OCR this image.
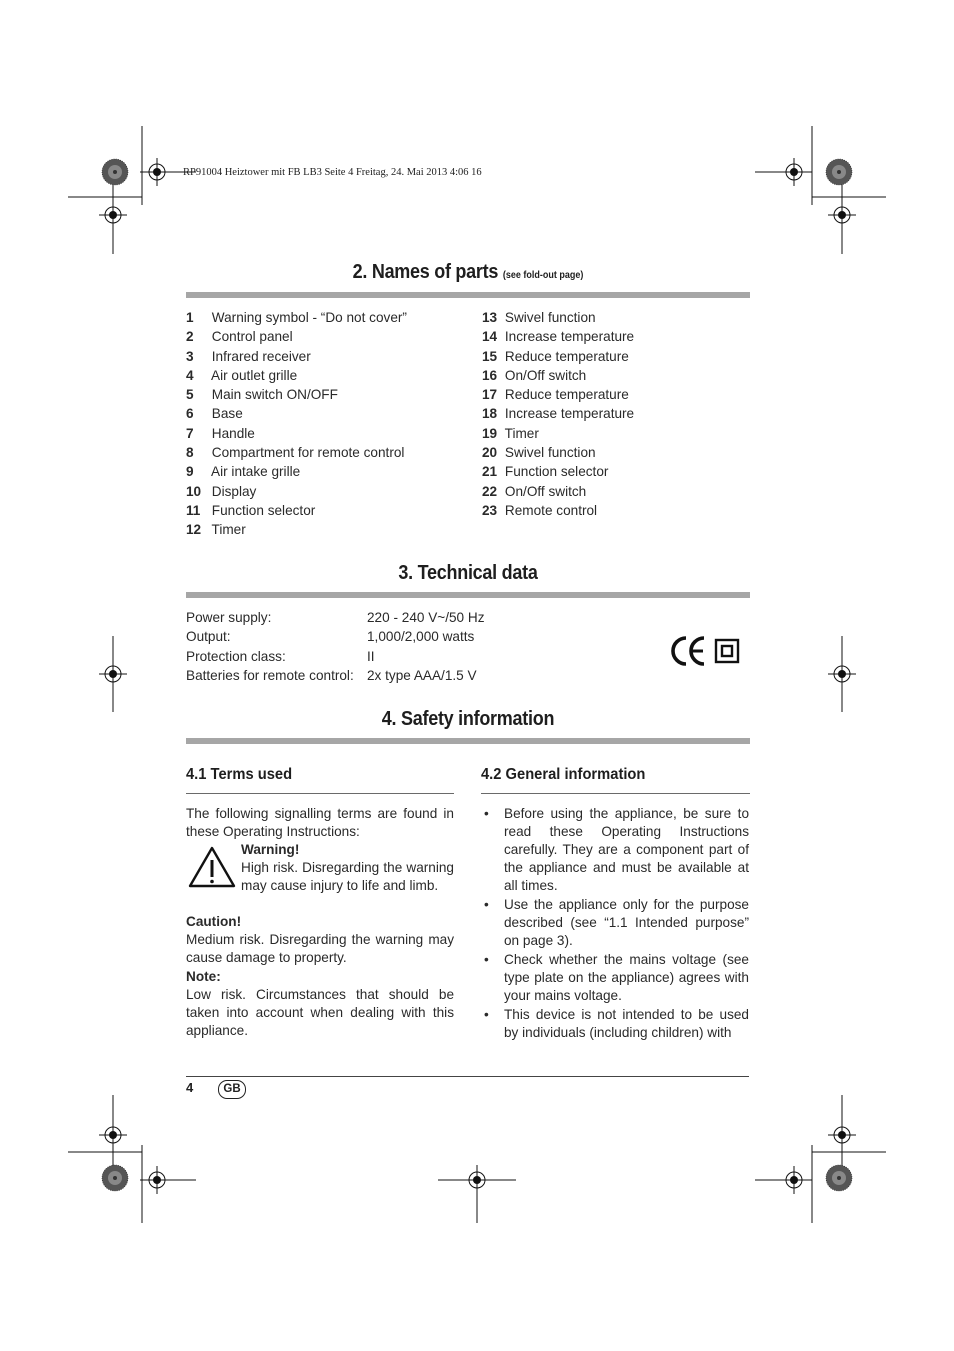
RP91004 Heiztower mit FB LB3 Seite 4 Freitag, 24. Mai 2013 4:06 16
2. Names of parts (see fold-out page)
1 Warning symbol - “Do not cover”
2 Control panel
3 Infrared receiver
4 Air outlet grille
5 Main switch ON/OFF
6 Base
7 Handle
8 Compartment for remote control
9 Air intake grille
10 Display
11 Function selector
12 Timer
13 Swivel function
14 Increase temperature
15 Reduce temperature
16 On/Off switch
17 Reduce temperature
18 Increase temperature
19 Timer
20 Swivel function
21 Function selector
22 On/Off switch
23 Remote control
3. Technical data
Power supply:	220 - 240 V~/50 Hz
Output:	1,000/2,000 watts
Protection class:	II
Batteries for remote control: 2x type AAA/1.5 V
4. Safety information
4.1 Terms used
The following signalling terms are found in these Operating Instructions:
Warning!
High risk. Disregarding the warning may cause injury to life and limb.
Caution!
Medium risk. Disregarding the warning may cause damage to property.
Note:
Low risk. Circumstances that should be taken into account when dealing with this appliance.
4.2 General information
• Before using the appliance, be sure to read these Operating Instructions carefully. They are a component part of the appliance and must be available at all times.
• Use the appliance only for the purpose described (see “1.1 Intended purpose” on page 3).
• Check whether the mains voltage (see type plate on the appliance) agrees with your mains voltage.
• This device is not intended to be used by individuals (including children) with
4	GB
